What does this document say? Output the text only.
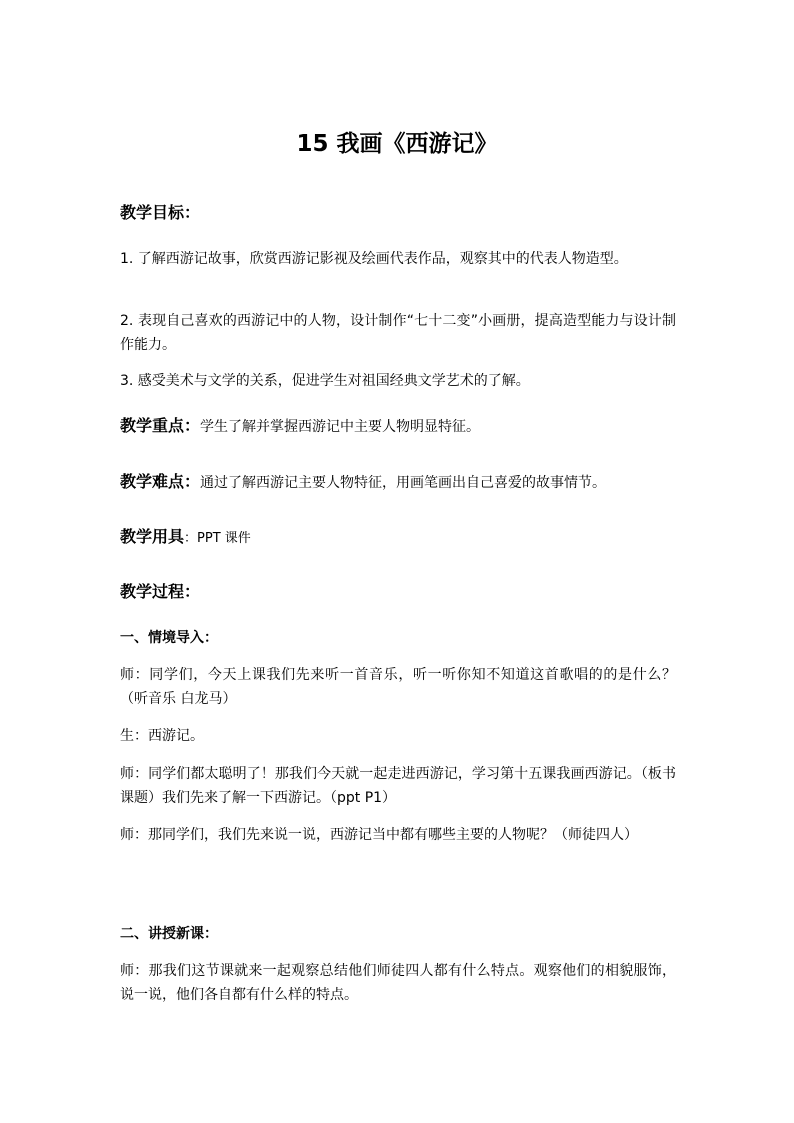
15 我画《西游记》
教学目标：
1. 了解西游记故事，欣赏西游记影视及绘画代表作品，观察其中的代表人物造型。
2. 表现自己喜欢的西游记中的人物，设计制作“七十二变”小画册，提高造型能力与设计制作能力。
3. 感受美术与文学的关系，促进学生对祖国经典文学艺术的了解。
教学重点：学生了解并掌握西游记中主要人物明显特征。
教学难点：通过了解西游记主要人物特征，用画笔画出自己喜爱的故事情节。
教学用具：PPT 课件
教学过程：
一、情境导入：
师：同学们，今天上课我们先来听一首音乐，听一听你知不知道这首歌唱的的是什么？（听音乐 白龙马）
生：西游记。
师：同学们都太聪明了！那我们今天就一起走进西游记，学习第十五课我画西游记。（板书课题）我们先来了解一下西游记。（ppt P1）
师：那同学们，我们先来说一说，西游记当中都有哪些主要的人物呢？（师徒四人）
二、讲授新课：
师：那我们这节课就来一起观察总结他们师徒四人都有什么特点。观察他们的相貌服饰，说一说，他们各自都有什么样的特点。
